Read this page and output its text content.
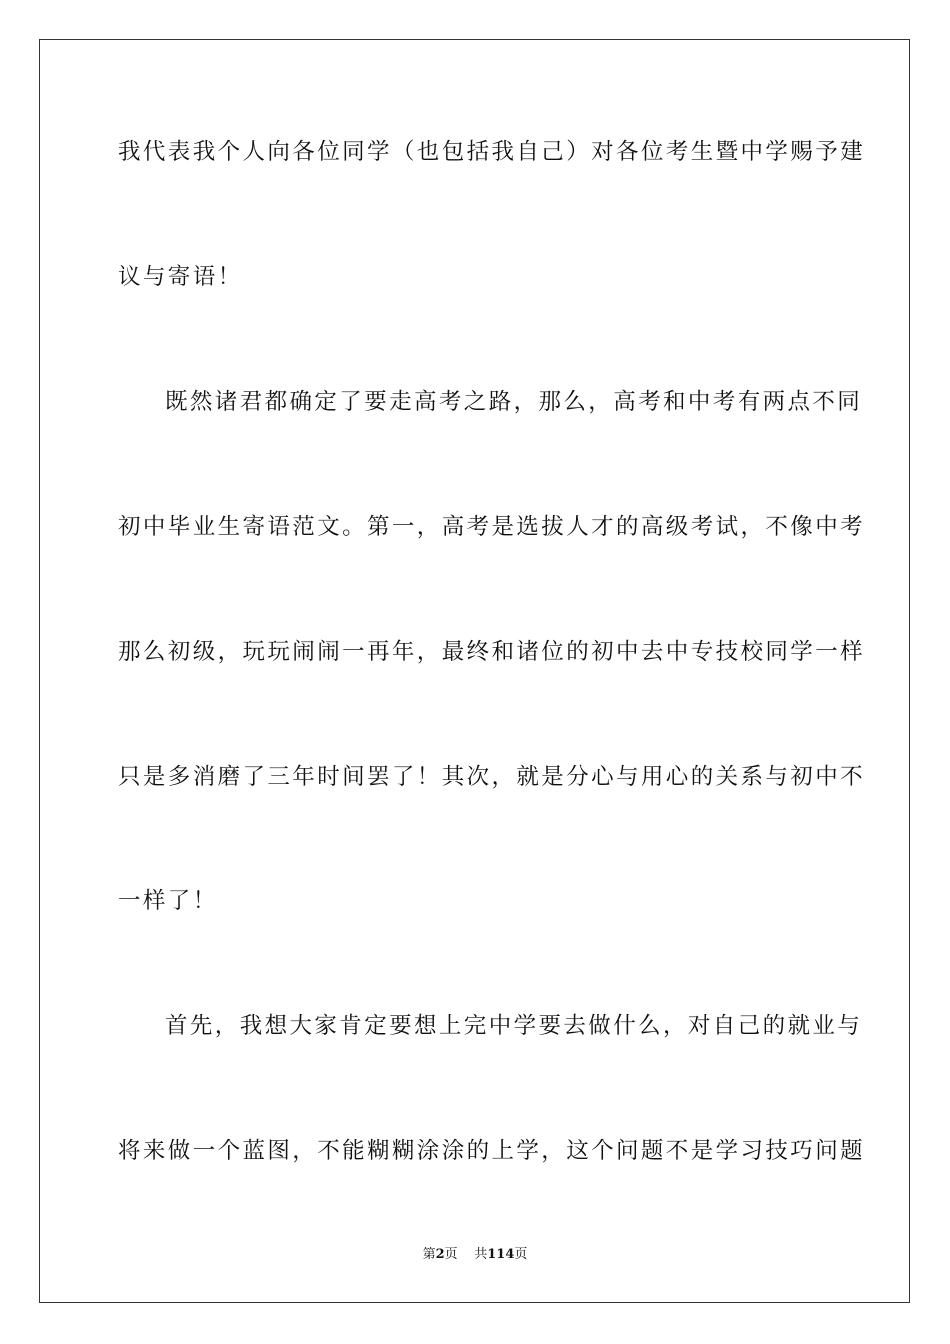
我代表我个人向各位同学（也包括我自己）对各位考生暨中学赐予建
议与寄语！
既然诸君都确定了要走高考之路，那么，高考和中考有两点不同
初中毕业生寄语范文。第一，高考是选拔人才的高级考试，不像中考
那么初级，玩玩闹闹一再年，最终和诸位的初中去中专技校同学一样
只是多消磨了三年时间罢了！其次，就是分心与用心的关系与初中不
一样了！
首先，我想大家肯定要想上完中学要去做什么，对自己的就业与
将来做一个蓝图，不能糊糊涂涂的上学，这个问题不是学习技巧问题
第2页 共114页
